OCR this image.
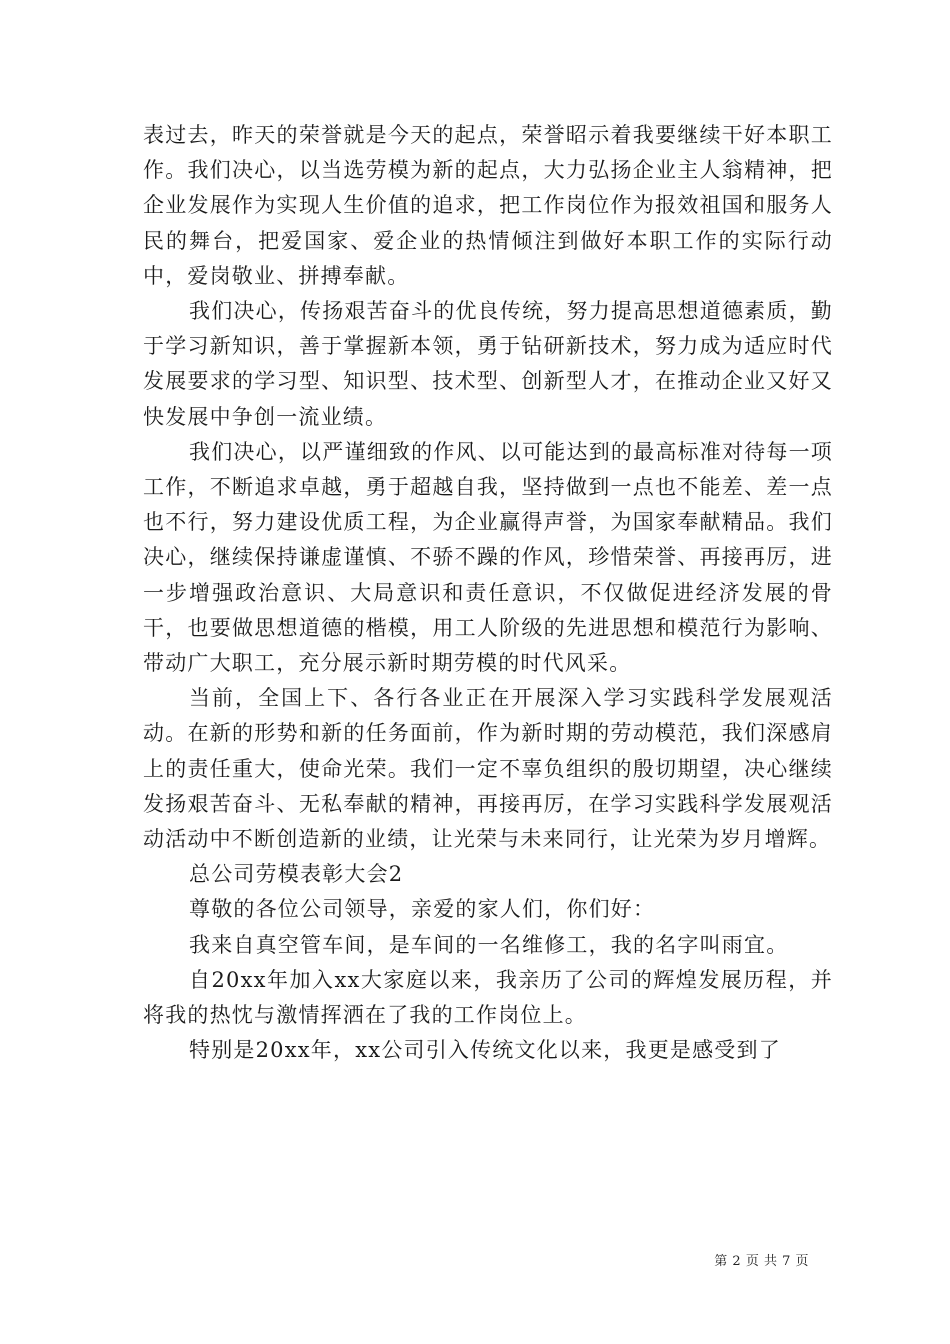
表过去，昨天的荣誉就是今天的起点，荣誉昭示着我要继续干好本职工作。我们决心，以当选劳模为新的起点，大力弘扬企业主人翁精神，把企业发展作为实现人生价值的追求，把工作岗位作为报效祖国和服务人民的舞台，把爱国家、爱企业的热情倾注到做好本职工作的实际行动中，爱岗敬业、拼搏奉献。

我们决心，传扬艰苦奋斗的优良传统，努力提高思想道德素质，勤于学习新知识，善于掌握新本领，勇于钻研新技术，努力成为适应时代发展要求的学习型、知识型、技术型、创新型人才，在推动企业又好又快发展中争创一流业绩。

我们决心，以严谨细致的作风、以可能达到的最高标准对待每一项工作，不断追求卓越，勇于超越自我，坚持做到一点也不能差、差一点也不行，努力建设优质工程，为企业赢得声誉，为国家奉献精品。我们决心，继续保持谦虚谨慎、不骄不躁的作风，珍惜荣誉、再接再厉，进一步增强政治意识、大局意识和责任意识，不仅做促进经济发展的骨干，也要做思想道德的楷模，用工人阶级的先进思想和模范行为影响、带动广大职工，充分展示新时期劳模的时代风采。

当前，全国上下、各行各业正在开展深入学习实践科学发展观活动。在新的形势和新的任务面前，作为新时期的劳动模范，我们深感肩上的责任重大，使命光荣。我们一定不辜负组织的殷切期望，决心继续发扬艰苦奋斗、无私奉献的精神，再接再厉，在学习实践科学发展观活动活动中不断创造新的业绩，让光荣与未来同行，让光荣为岁月增辉。

总公司劳模表彰大会2

尊敬的各位公司领导，亲爱的家人们，你们好：

我来自真空管车间，是车间的一名维修工，我的名字叫雨宜。

自20xx年加入xx大家庭以来，我亲历了公司的辉煌发展历程，并将我的热忱与激情挥洒在了我的工作岗位上。

特别是20xx年，xx公司引入传统文化以来，我更是感受到了

第 2 页 共 7 页
